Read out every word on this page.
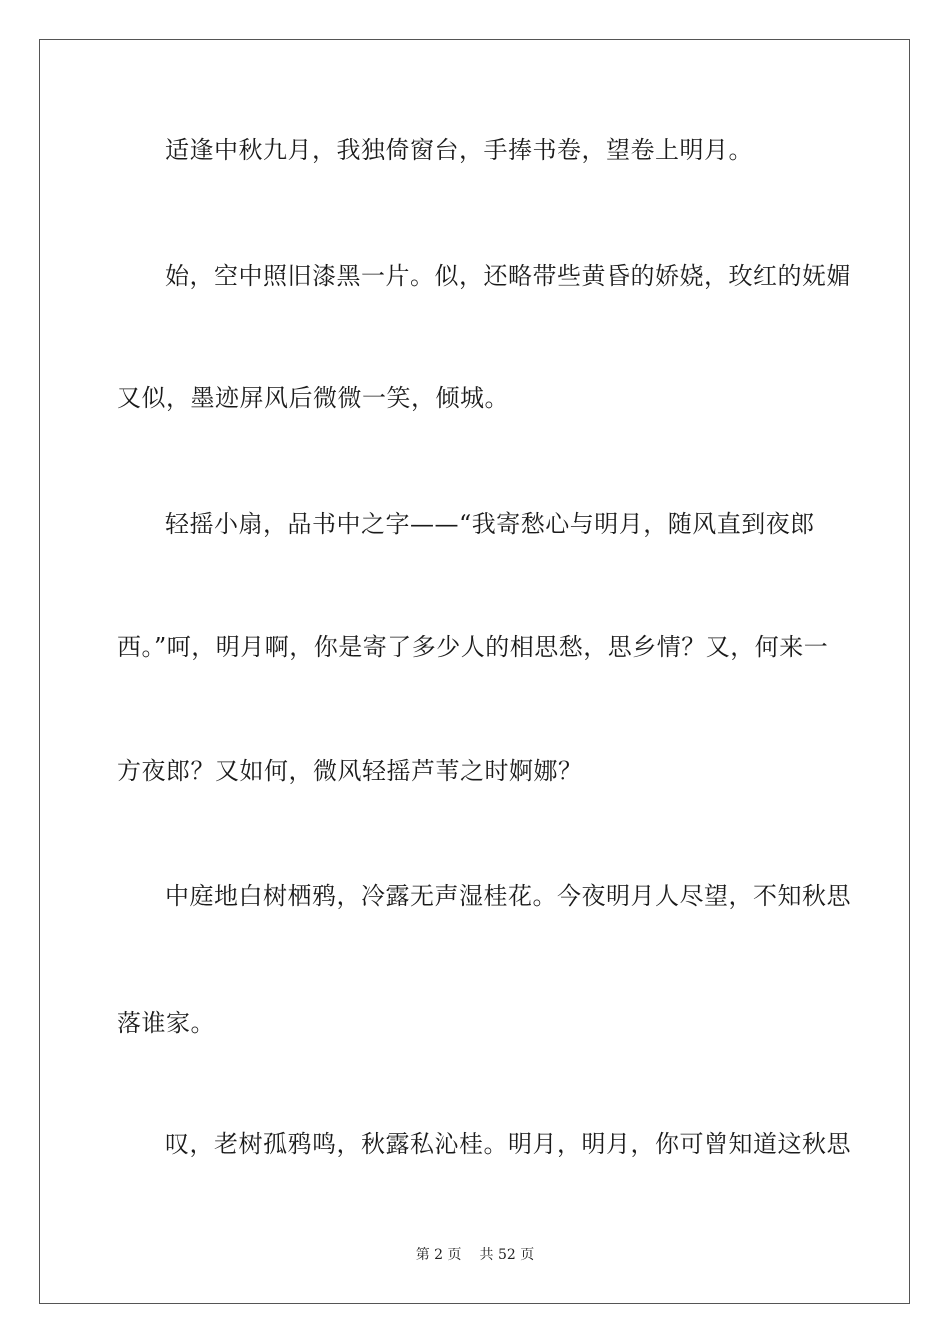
适逢中秋九月，我独倚窗台，手捧书卷，望卷上明月。
始，空中照旧漆黑一片。似，还略带些黄昏的娇娆，玫红的妩媚
又似，墨迹屏风后微微一笑，倾城。
轻摇小扇，品书中之字——“我寄愁心与明月，随风直到夜郎
西。”呵，明月啊，你是寄了多少人的相思愁，思乡情？又，何来一
方夜郎？又如何，微风轻摇芦苇之时婀娜？
中庭地白树栖鸦，冷露无声湿桂花。今夜明月人尽望，不知秋思
落谁家。
叹，老树孤鸦鸣，秋露私沁桂。明月，明月，你可曾知道这秋思
第 2 页 共 52 页
